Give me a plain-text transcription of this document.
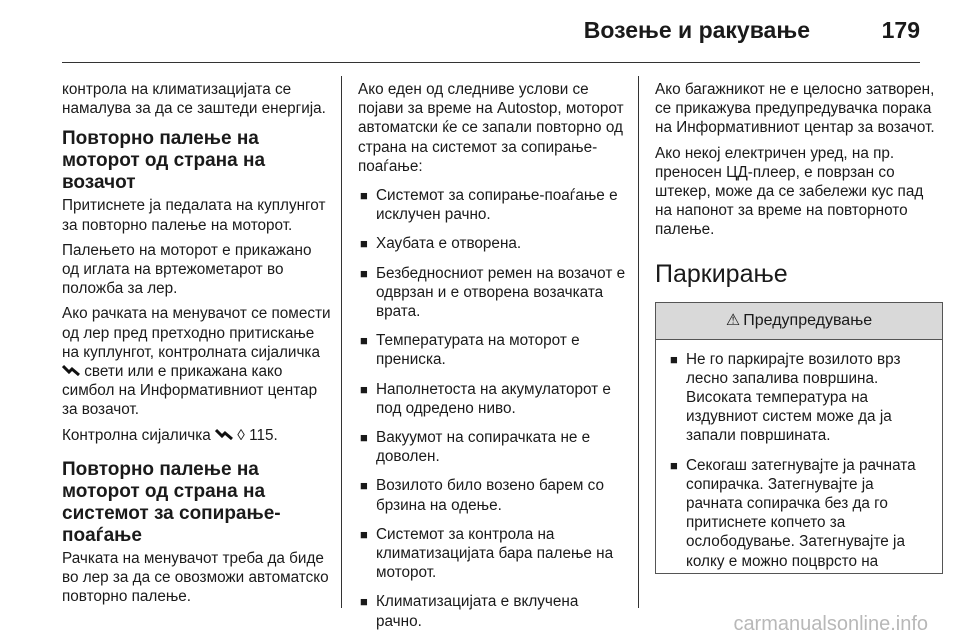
Возење и ракување	179

контрола на климатизацијата се намалува за да се заштеди енергија.

Повторно палење на моторот од страна на возачот

Притиснете ја педалата на куплунгот за повторно палење на моторот.

Палењето на моторот е прикажано од иглата на вртежометарот во положба за лер.

Ако рачката на менувачот се помести од лер пред претходно притискање на куплунгот, контролната сијаличка  свети или е прикажана како симбол на Информативниот центар за возачот.

Контролна сијаличка ◊ 115.

Повторно палење на моторот од страна на системот за сопирање-поаѓање

Рачката на менувачот треба да биде во лер за да се овозможи автоматско повторно палење.

Ако еден од следниве услови се појави за време на Autostop, моторот автоматски ќе се запали повторно од страна на системот за сопирање-поаѓање:

■ Системот за сопирање-поаѓање е исклучен рачно.
■ Хаубата е отворена.
■ Безбедносниот ремен на возачот е одврзан и е отворена возачката врата.
■ Температурата на моторот е прениска.
■ Наполнетоста на акумулаторот е под одредено ниво.
■ Вакуумот на сопирачката не е доволен.
■ Возилото било возено барем со брзина на одење.
■ Системот за контрола на климатизацијата бара палење на моторот.
■ Климатизацијата е вклучена рачно.

Ако багажникот не е целосно затворен, се прикажува предупредувачка порака на Информативниот центар за возачот.

Ако некој електричен уред, на пр. преносен ЦД-плеер, е поврзан со штекер, може да се забележи кус пад на напонот за време на повторното палење.

Паркирање
⚠ Предупредување
■ Не го паркирајте возилото врз лесно запалива површина. Високата температура на издувниот систем може да ја запали површината.
■ Секогаш затегнувајте ја рачната сопирачка. Затегнувајте ја рачната сопирачка без да го притиснете копчето за ослободување. Затегнувајте ја колку е можно поцврсто на
carmanualsonline.info
